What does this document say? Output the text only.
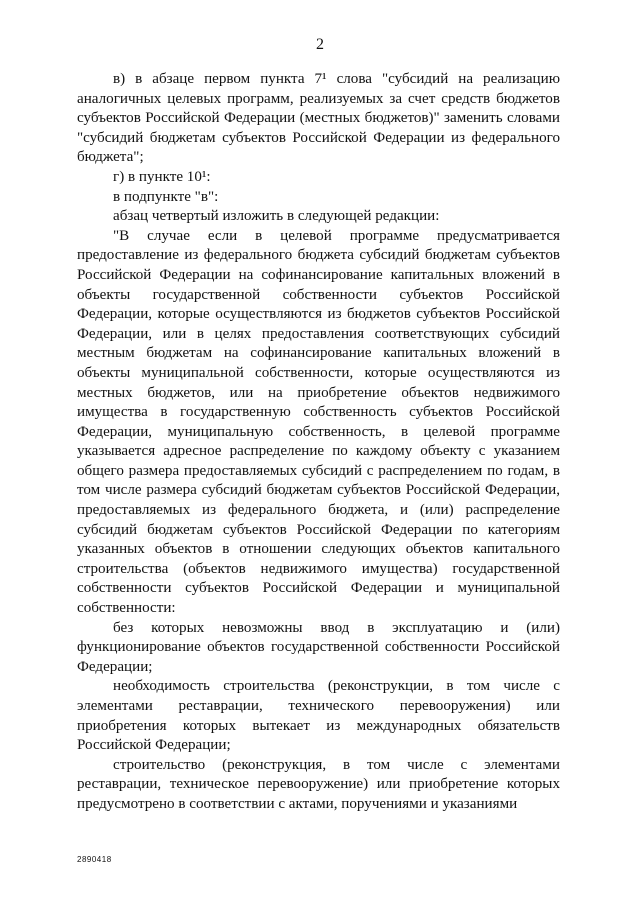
2

в) в абзаце первом пункта 7¹ слова "субсидий на реализацию аналогичных целевых программ, реализуемых за счет средств бюджетов субъектов Российской Федерации (местных бюджетов)" заменить словами "субсидий бюджетам субъектов Российской Федерации из федерального бюджета";

г) в пункте 10¹:

в подпункте "в":

абзац четвертый изложить в следующей редакции:

"В случае если в целевой программе предусматривается предоставление из федерального бюджета субсидий бюджетам субъектов Российской Федерации на софинансирование капитальных вложений в объекты государственной собственности субъектов Российской Федерации, которые осуществляются из бюджетов субъектов Российской Федерации, или в целях предоставления соответствующих субсидий местным бюджетам на софинансирование капитальных вложений в объекты муниципальной собственности, которые осуществляются из местных бюджетов, или на приобретение объектов недвижимого имущества в государственную собственность субъектов Российской Федерации, муниципальную собственность, в целевой программе указывается адресное распределение по каждому объекту с указанием общего размера предоставляемых субсидий с распределением по годам, в том числе размера субсидий бюджетам субъектов Российской Федерации, предоставляемых из федерального бюджета, и (или) распределение субсидий бюджетам субъектов Российской Федерации по категориям указанных объектов в отношении следующих объектов капитального строительства (объектов недвижимого имущества) государственной собственности субъектов Российской Федерации и муниципальной собственности:

без которых невозможны ввод в эксплуатацию и (или) функционирование объектов государственной собственности Российской Федерации;

необходимость строительства (реконструкции, в том числе с элементами реставрации, технического перевооружения) или приобретения которых вытекает из международных обязательств Российской Федерации;

строительство (реконструкция, в том числе с элементами реставрации, техническое перевооружение) или приобретение которых предусмотрено в соответствии с актами, поручениями и указаниями

2890418
